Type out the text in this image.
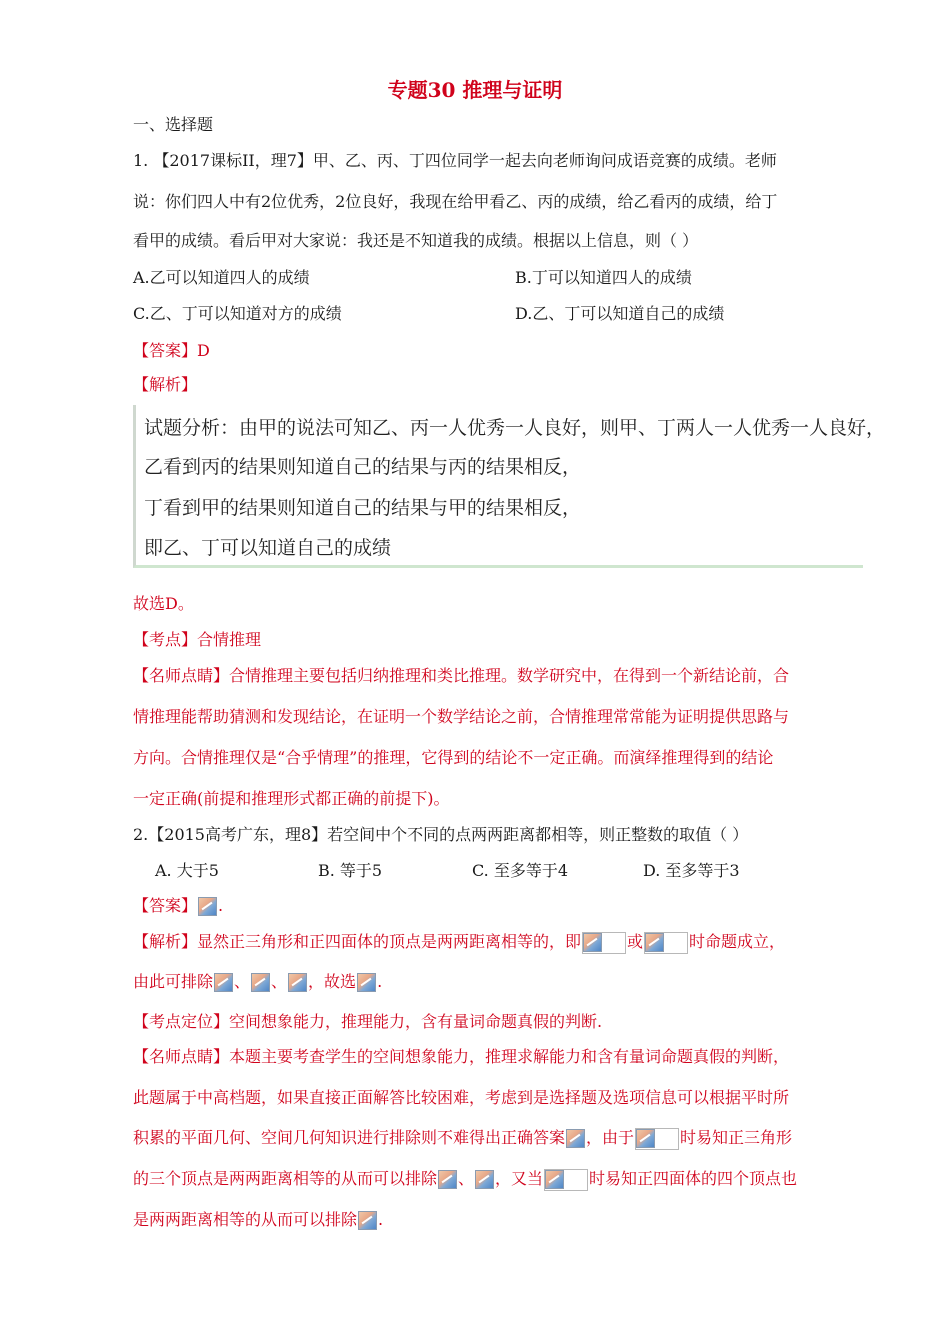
专题30 推理与证明
一、选择题
1. 【2017课标II，理7】甲、乙、丙、丁四位同学一起去向老师询问成语竞赛的成绩。老师
说：你们四人中有2位优秀，2位良好，我现在给甲看乙、丙的成绩，给乙看丙的成绩，给丁
看甲的成绩。看后甲对大家说：我还是不知道我的成绩。根据以上信息，则（ ）
A.乙可以知道四人的成绩	B.丁可以知道四人的成绩
C.乙、丁可以知道对方的成绩	D.乙、丁可以知道自己的成绩
【答案】D
【解析】
试题分析：由甲的说法可知乙、丙一人优秀一人良好，则甲、丁两人一人优秀一人良好，
乙看到丙的结果则知道自己的结果与丙的结果相反，
丁看到甲的结果则知道自己的结果与甲的结果相反，
即乙、丁可以知道自己的成绩
故选D。
【考点】合情推理
【名师点睛】合情推理主要包括归纳推理和类比推理。数学研究中，在得到一个新结论前，合
情推理能帮助猜测和发现结论，在证明一个数学结论之前，合情推理常常能为证明提供思路与
方向。合情推理仅是“合乎情理”的推理，它得到的结论不一定正确。而演绎推理得到的结论
一定正确(前提和推理形式都正确的前提下)。
2.【2015高考广东，理8】若空间中个不同的点两两距离都相等，则正整数的取值（ ）
A. 大于5	B. 等于5	C. 至多等于4	D. 至多等于3
【答案】 .
【解析】显然正三角形和正四面体的顶点是两两距离相等的，即	或	时命题成立，
由此可排除 、 、 ，故选 .
【考点定位】空间想象能力，推理能力，含有量词命题真假的判断.
【名师点睛】本题主要考查学生的空间想象能力，推理求解能力和含有量词命题真假的判断，
此题属于中高档题，如果直接正面解答比较困难，考虑到是选择题及选项信息可以根据平时所
积累的平面几何、空间几何知识进行排除则不难得出正确答案 ，由于	时易知正三角形
的三个顶点是两两距离相等的从而可以排除 、 ，又当	时易知正四面体的四个顶点也
是两两距离相等的从而可以排除 .
